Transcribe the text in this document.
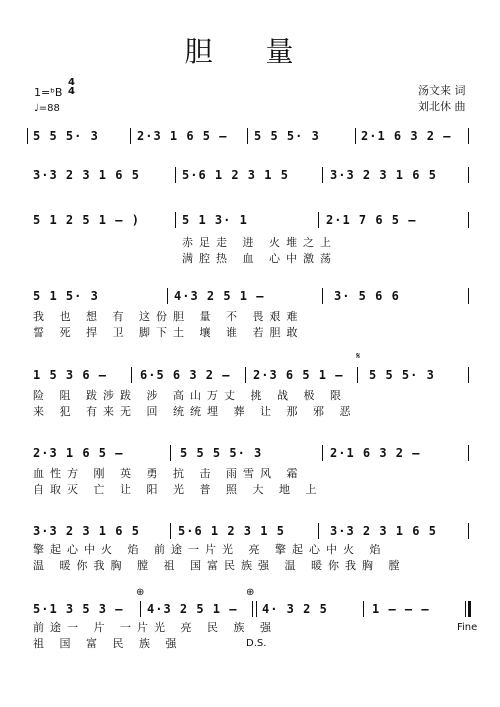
胆 量
1=ᵇB
4
4
♩=88
汤文来 词
刘北休 曲
5 5 5· 3	2·3 1 6 5 – 5 5 5· 3	2·1 6 3 2 –
3·3 2 3 1 6 5	5·6 1 2 3 1 5	3·3 2 3 1 6 5
5 1 2 5 1 – )	5 1 3· 1	2·1 7 6 5 –
赤足走 进 火堆之上
满腔热 血 心中激荡
5 1 5· 3	4·3 2 5 1 –	3· 5 6 6
我 也 想 有 这份胆 量 不 畏艰难
誓 死 捍 卫 脚下土 壤 谁 若胆敢
1 5 3 6 –	6·5 6 3 2 – 2·3 6 5 1 – 5 5 5· 3
𝄋
险 阻 跋涉跋 涉 高山万丈 挑 战 极 限
来 犯 有来无 回 统统埋 葬 让 那 邪 恶
2·3 1 6 5 –	5 5 5 5· 3	2·1 6 3 2 –
血性方 刚 英 勇 抗 击 雨雪风 霜
自取灭 亡 让 阳 光 普 照 大 地 上
3·3 2 3 1 6 5	5·6 1 2 3 1 5	3·3 2 3 1 6 5
擎起心中火 焰 前途一片光 亮 擎起心中火 焰
温 暖你我胸 膛 祖 国富民族强 温 暖你我胸 膛
5·1 3 5 3 – 4·3 2 5 1 – 4· 3 2 5	1 – – –
⊕	⊕
前途一 片 一片光 亮 民 族 强
祖 国 富 民 族 强	D.S.
Fine
